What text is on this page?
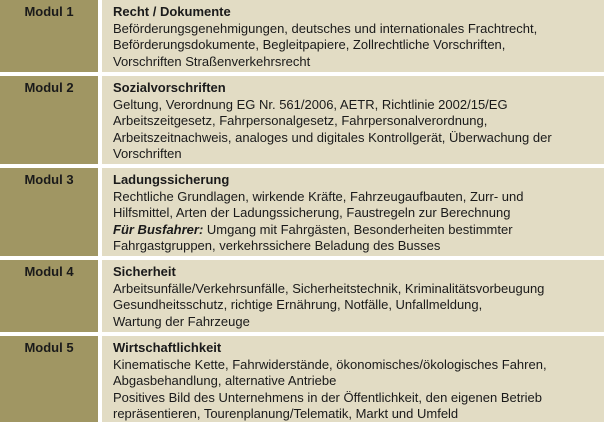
Modul 1	Recht / Dokumente
Beförderungsgenehmigungen, deutsches und internationales Frachtrecht,
Beförderungsdokumente, Begleitpapiere, Zollrechtliche Vorschriften,
Vorschriften Straßenverkehrsrecht
Modul 2	Sozialvorschriften
Geltung, Verordnung EG Nr. 561/2006, AETR, Richtlinie 2002/15/EG
Arbeitszeitgesetz, Fahrpersonalgesetz, Fahrpersonalverordnung,
Arbeitszeitnachweis, analoges und digitales Kontrollgerät, Überwachung der
Vorschriften
Modul 3	Ladungssicherung
Rechtliche Grundlagen, wirkende Kräfte, Fahrzeugaufbauten, Zurr- und
Hilfsmittel, Arten der Ladungssicherung, Faustregeln zur Berechnung
Für Busfahrer: Umgang mit Fahrgästen, Besonderheiten bestimmter
Fahrgastgruppen, verkehrssichere Beladung des Busses
Modul 4	Sicherheit
Arbeitsunfälle/Verkehrsunfälle, Sicherheitstechnik, Kriminalitätsvorbeugung
Gesundheitsschutz, richtige Ernährung, Notfälle, Unfallmeldung,
Wartung der Fahrzeuge
Modul 5	Wirtschaftlichkeit
Kinematische Kette, Fahrwiderstände, ökonomisches/ökologisches Fahren,
Abgasbehandlung, alternative Antriebe
Positives Bild des Unternehmens in der Öffentlichkeit, den eigenen Betrieb
repräsentieren, Tourenplanung/Telematik, Markt und Umfeld
